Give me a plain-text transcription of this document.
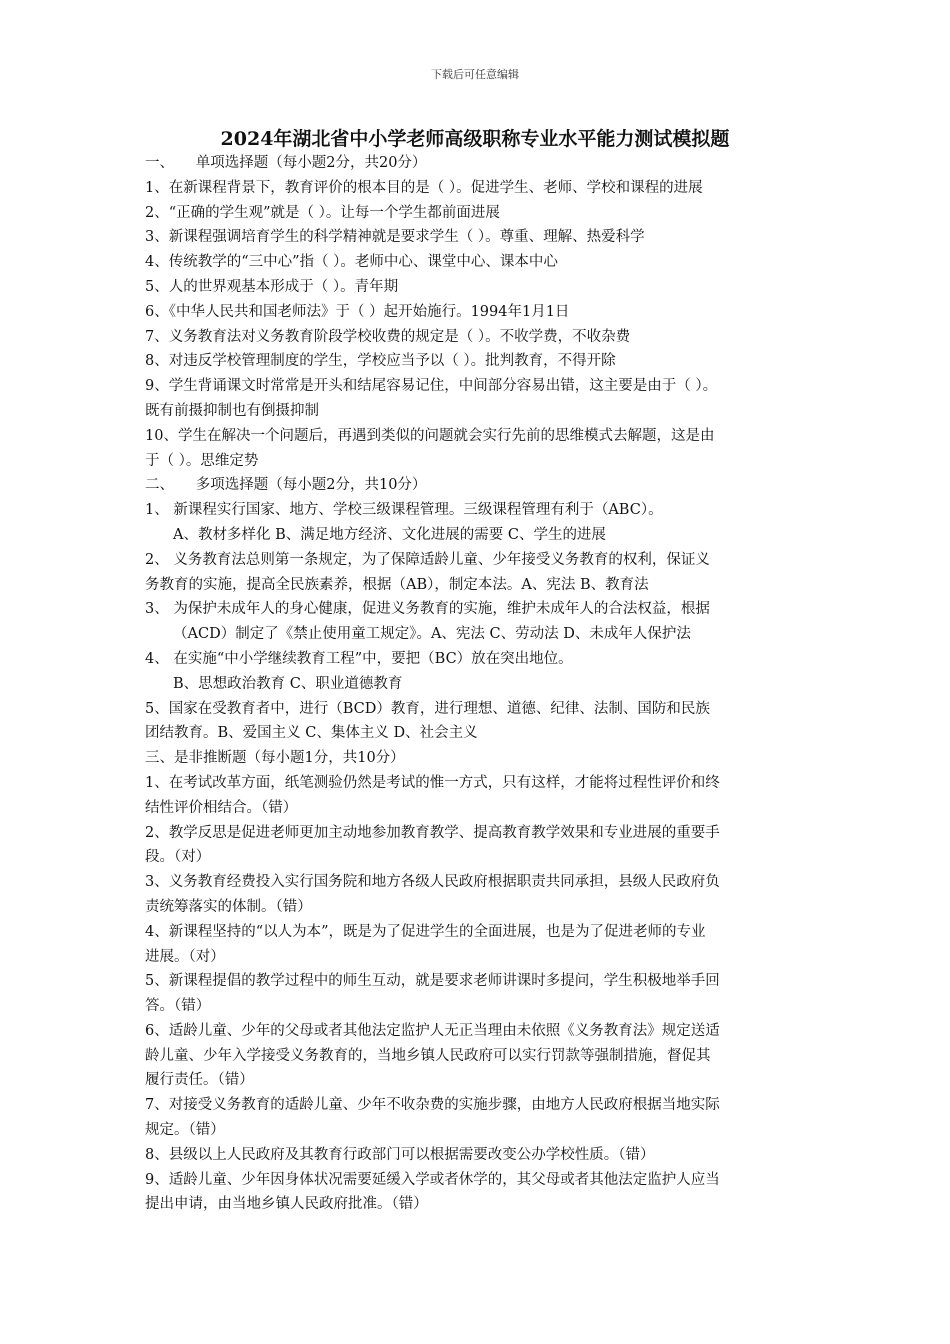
下载后可任意编辑
2024年湖北省中小学老师高级职称专业水平能力测试模拟题
一、　　单项选择题（每小题2分，共20分）
1、在新课程背景下，教育评价的根本目的是（ ）。促进学生、老师、学校和课程的进展
2、“正确的学生观”就是（ ）。让每一个学生都前面进展
3、新课程强调培育学生的科学精神就是要求学生（ ）。尊重、理解、热爱科学
4、传统教学的“三中心”指（ ）。老师中心、课堂中心、课本中心
5、人的世界观基本形成于（ ）。青年期
6、《中华人民共和国老师法》于（ ）起开始施行。1994年1月1日
7、义务教育法对义务教育阶段学校收费的规定是（ ）。不收学费，不收杂费
8、对违反学校管理制度的学生，学校应当予以（ ）。批判教育，不得开除
9、学生背诵课文时常常是开头和结尾容易记住，中间部分容易出错，这主要是由于（ ）。
既有前摄抑制也有倒摄抑制
10、学生在解决一个问题后，再遇到类似的问题就会实行先前的思维模式去解题，这是由
于（ ）。思维定势
二、　　多项选择题（每小题2分，共10分）
1、 新课程实行国家、地方、学校三级课程管理。三级课程管理有利于（ABC）。
A、教材多样化 B、满足地方经济、文化进展的需要 C、学生的进展
2、 义务教育法总则第一条规定，为了保障适龄儿童、少年接受义务教育的权利，保证义
务教育的实施，提高全民族素养，根据（AB），制定本法。A、宪法 B、教育法
3、 为保护未成年人的身心健康，促进义务教育的实施，维护未成年人的合法权益，根据
（ACD）制定了《禁止使用童工规定》。A、宪法 C、劳动法 D、未成年人保护法
4、 在实施“中小学继续教育工程”中，要把（BC）放在突出地位。
B、思想政治教育 C、职业道德教育
5、国家在受教育者中，进行（BCD）教育，进行理想、道德、纪律、法制、国防和民族
团结教育。B、爱国主义 C、集体主义 D、社会主义
三、是非推断题（每小题1分，共10分）
1、在考试改革方面，纸笔测验仍然是考试的惟一方式，只有这样，才能将过程性评价和终
结性评价相结合。（错）
2、教学反思是促进老师更加主动地参加教育教学、提高教育教学效果和专业进展的重要手
段。（对）
3、义务教育经费投入实行国务院和地方各级人民政府根据职责共同承担，县级人民政府负
责统筹落实的体制。（错）
4、新课程坚持的“以人为本”，既是为了促进学生的全面进展，也是为了促进老师的专业
进展。（对）
5、新课程提倡的教学过程中的师生互动，就是要求老师讲课时多提问，学生积极地举手回
答。（错）
6、适龄儿童、少年的父母或者其他法定监护人无正当理由未依照《义务教育法》规定送适
龄儿童、少年入学接受义务教育的，当地乡镇人民政府可以实行罚款等强制措施，督促其
履行责任。（错）
7、对接受义务教育的适龄儿童、少年不收杂费的实施步骤，由地方人民政府根据当地实际
规定。（错）
8、县级以上人民政府及其教育行政部门可以根据需要改变公办学校性质。（错）
9、适龄儿童、少年因身体状况需要延缓入学或者休学的，其父母或者其他法定监护人应当
提出申请，由当地乡镇人民政府批准。（错）
